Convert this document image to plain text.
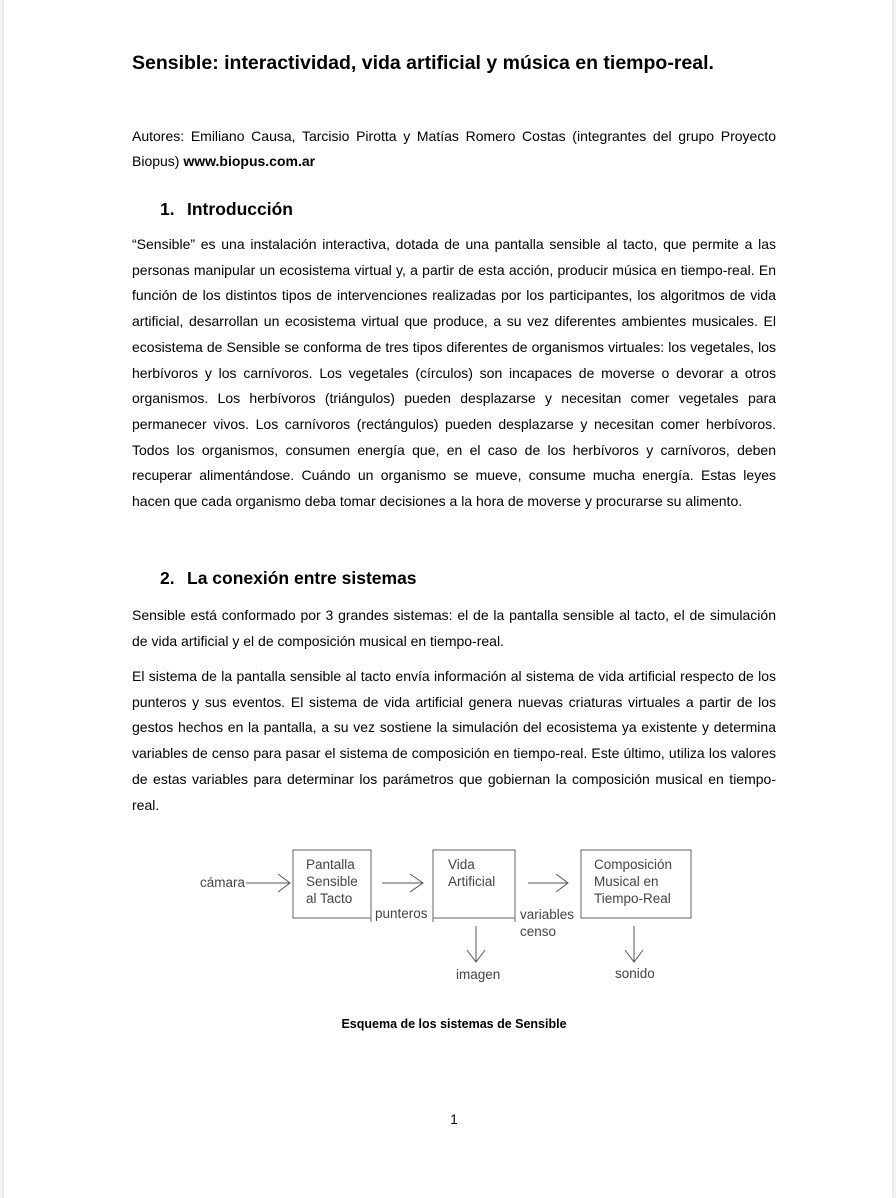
Sensible: interactividad, vida artificial y música en tiempo-real.
Autores: Emiliano Causa, Tarcisio Pirotta y Matías Romero Costas (integrantes del grupo Proyecto Biopus) www.biopus.com.ar
1. Introducción

“Sensible” es una instalación interactiva, dotada de una pantalla sensible al tacto, que permite a las personas manipular un ecosistema virtual y, a partir de esta acción, producir música en tiempo-real. En función de los distintos tipos de intervenciones realizadas por los participantes, los algoritmos de vida artificial, desarrollan un ecosistema virtual que produce, a su vez diferentes ambientes musicales. El ecosistema de Sensible se conforma de tres tipos diferentes de organismos virtuales: los vegetales, los herbívoros y los carnívoros. Los vegetales (círculos) son incapaces de moverse o devorar a otros organismos. Los herbívoros (triángulos) pueden desplazarse y necesitan comer vegetales para permanecer vivos. Los carnívoros (rectángulos) pueden desplazarse y necesitan comer herbívoros. Todos los organismos, consumen energía que, en el caso de los herbívoros y carnívoros, deben recuperar alimentándose. Cuándo un organismo se mueve, consume mucha energía. Estas leyes hacen que cada organismo deba tomar decisiones a la hora de moverse y procurarse su alimento.

2. La conexión entre sistemas

Sensible está conformado por 3 grandes sistemas: el de la pantalla sensible al tacto, el de simulación de vida artificial y el de composición musical en tiempo-real.

El sistema de la pantalla sensible al tacto envía información al sistema de vida artificial respecto de los punteros y sus eventos. El sistema de vida artificial genera nuevas criaturas virtuales a partir de los gestos hechos en la pantalla, a su vez sostiene la simulación del ecosistema ya existente y determina variables de censo para pasar el sistema de composición en tiempo-real. Este último, utiliza los valores de estas variables para determinar los parámetros que gobiernan la composición musical en tiempo-real.

cámara
Pantalla
Sensible
al Tacto
punteros
Vida
Artificial
variables
censo
Composición
Musical en
Tiempo-Real
imagen	sonido
Esquema de los sistemas de Sensible
1
